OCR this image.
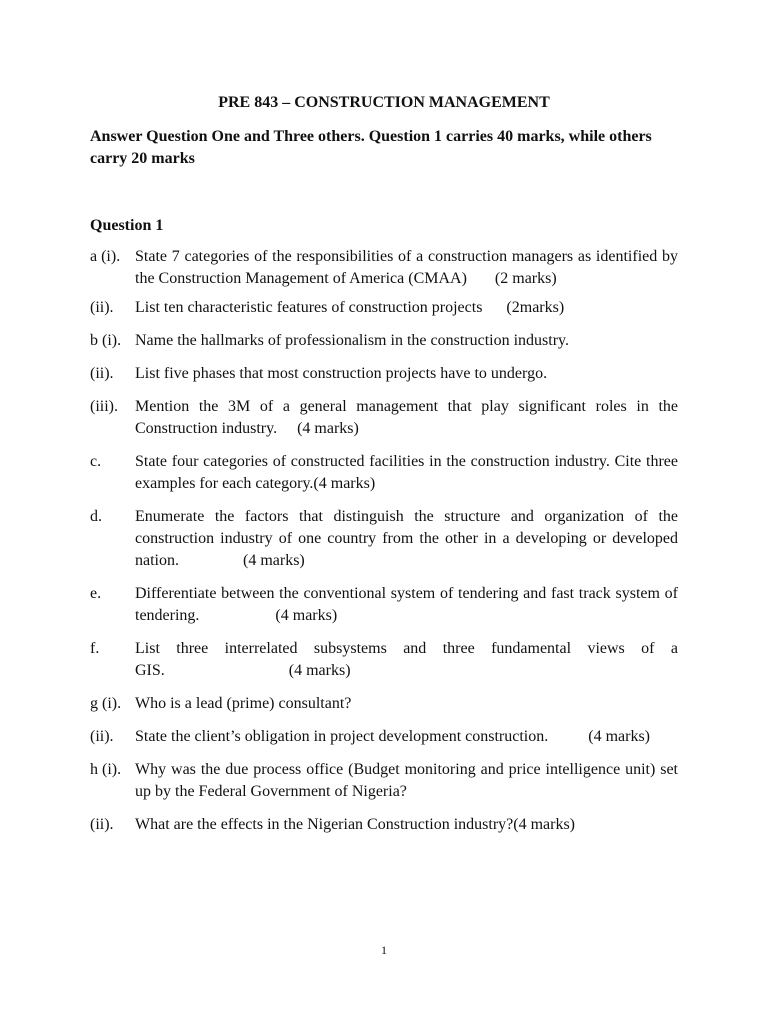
PRE 843 – CONSTRUCTION MANAGEMENT
Answer Question One and Three others. Question 1 carries 40 marks, while others carry 20 marks
Question 1
a (i). State 7 categories of the responsibilities of a construction managers as identified by the Construction Management of America (CMAA)       (2 marks)
(ii).	List ten characteristic features of construction projects      (2marks)
b (i). Name the hallmarks of professionalism in the construction industry.
(ii).	List five phases that most construction projects have to undergo.
(iii).	Mention the 3M of a general management that play significant roles in the Construction industry.     (4 marks)
c.	State four categories of constructed facilities in the construction industry. Cite three examples for each category.(4 marks)
d.	Enumerate the factors that distinguish the structure and organization of the construction industry of one country from the other in a developing or developed nation.                (4 marks)
e.	Differentiate between the conventional system of tendering and fast track system of tendering.                   (4 marks)
f.	List three interrelated subsystems and three fundamental views of a GIS.                               (4 marks)
g (i). Who is a lead (prime) consultant?
(ii).	State the client’s obligation in project development construction.          (4 marks)
h (i). Why was the due process office (Budget monitoring and price intelligence unit) set up by the Federal Government of Nigeria?
(ii).	What are the effects in the Nigerian Construction industry?(4 marks)
1
